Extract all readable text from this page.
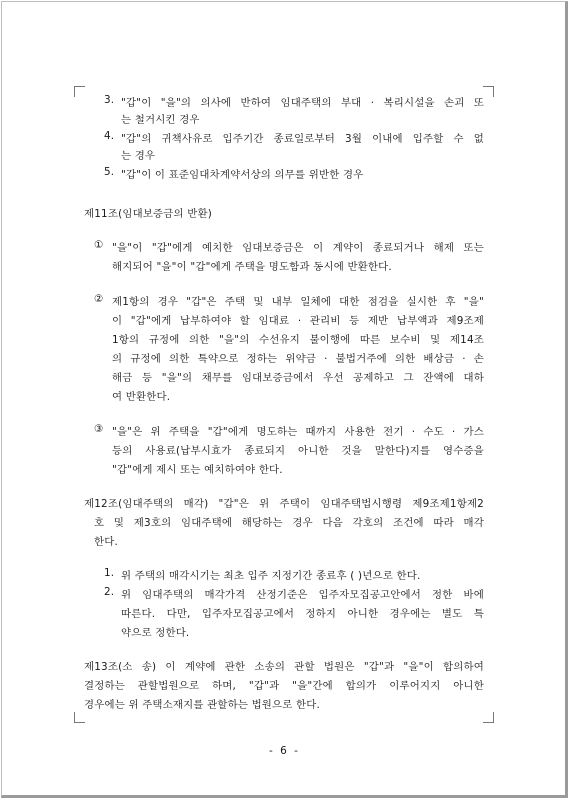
3. "갑"이 "을"의 의사에 반하여 임대주택의 부대 · 복리시설을 손괴 또
는 철거시킨 경우
4. "갑"의 귀책사유로 입주기간 종료일로부터 3월 이내에 입주할 수 없
는 경우
5. "갑"이 이 표준임대차계약서상의 의무를 위반한 경우
제11조(임대보증금의 반환)
① "을"이 "갑"에게 예치한 임대보증금은 이 계약이 종료되거나 해제 또는
해지되어 "을"이 "갑"에게 주택을 명도함과 동시에 반환한다.
② 제1항의 경우 "갑"은 주택 및 내부 일체에 대한 점검을 실시한 후 "을"
이 "갑"에게 납부하여야 할 임대료 · 관리비 등 제반 납부액과 제9조제
1항의 규정에 의한 "을"의 수선유지 불이행에 따른 보수비 및 제14조
의 규정에 의한 특약으로 정하는 위약금 · 불법거주에 의한 배상금 · 손
해금 등 "을"의 채무를 임대보증금에서 우선 공제하고 그 잔액에 대하
여 반환한다.
③ "을"은 위 주택을 "갑"에게 명도하는 때까지 사용한 전기 · 수도 · 가스
등의 사용료(납부시효가 종료되지 아니한 것을 말한다)지를 영수증을
"갑"에게 제시 또는 예치하여야 한다.
제12조(임대주택의 매각) "갑"은 위 주택이 임대주택법시행령 제9조제1항제2
호 및 제3호의 임대주택에 해당하는 경우 다음 각호의 조건에 따라 매각
한다.
1. 위 주택의 매각시기는 최초 입주 지정기간 종료후 ( )년으로 한다.
2. 위 임대주택의 매각가격 산정기준은 입주자모집공고안에서 정한 바에
따른다. 다만, 입주자모집공고에서 정하지 아니한 경우에는 별도 특
약으로 정한다.
제13조(소 송) 이 계약에 관한 소송의 관할 법원은 "갑"과 "을"이 합의하여
결정하는 관할법원으로 하며, "갑"과 "을"간에 합의가 이루어지지 아니한
경우에는 위 주택소재지를 관할하는 법원으로 한다.
- 6 -
